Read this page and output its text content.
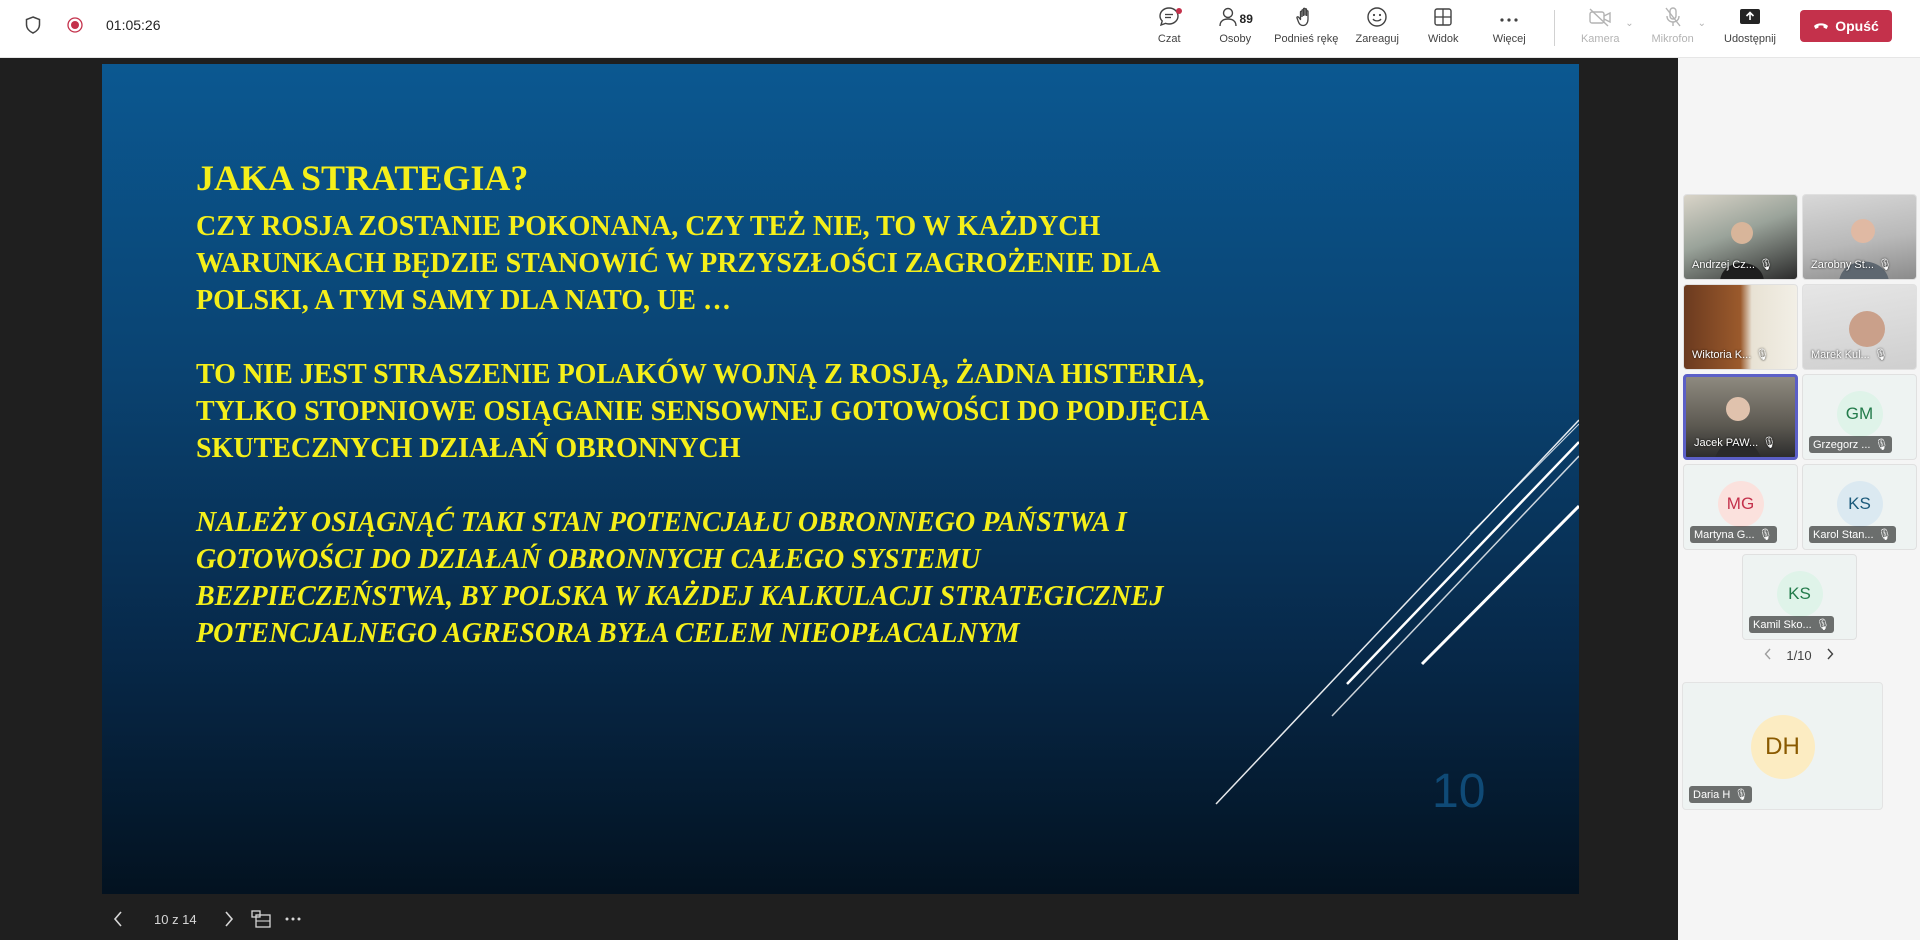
01:05:26
Czat
89
Osoby Podnieś rękę Zareaguj	Widok	Więcej	Kamera
⌄
Mikrofon
⌄
Udostępnij
Opuść
JAKA STRATEGIA?
CZY ROSJA ZOSTANIE POKONANA, CZY TEŻ NIE, TO W KAŻDYCH WARUNKACH BĘDZIE STANOWIĆ W PRZYSZŁOŚCI ZAGROŻENIE DLA POLSKI, A TYM SAMY DLA NATO, UE …
TO NIE JEST STRASZENIE POLAKÓW WOJNĄ Z ROSJĄ, ŻADNA HISTERIA, TYLKO STOPNIOWE OSIĄGANIE SENSOWNEJ GOTOWOŚCI DO PODJĘCIA SKUTECZNYCH DZIAŁAŃ OBRONNYCH
NALEŻY OSIĄGNĄĆ TAKI STAN POTENCJAŁU OBRONNEGO PAŃSTWA I GOTOWOŚCI DO DZIAŁAŃ OBRONNYCH CAŁEGO SYSTEMU BEZPIECZEŃSTWA, BY POLSKA W KAŻDEJ KALKULACJI STRATEGICZNEJ POTENCJALNEGO AGRESORA BYŁA CELEM NIEOPŁACALNYM
10
10 z 14
Andrzej Cz... 🎙	Zarobny St... 🎙
Wiktoria K... 🎙	Marek Kul... 🎙
Jacek PAW... 🎙
GM
Grzegorz ... 🎙
MG
Martyna G... 🎙
KS
Karol Stan... 🎙
KS
Kamil Sko... 🎙
1/10
DH
Daria H 🎙
